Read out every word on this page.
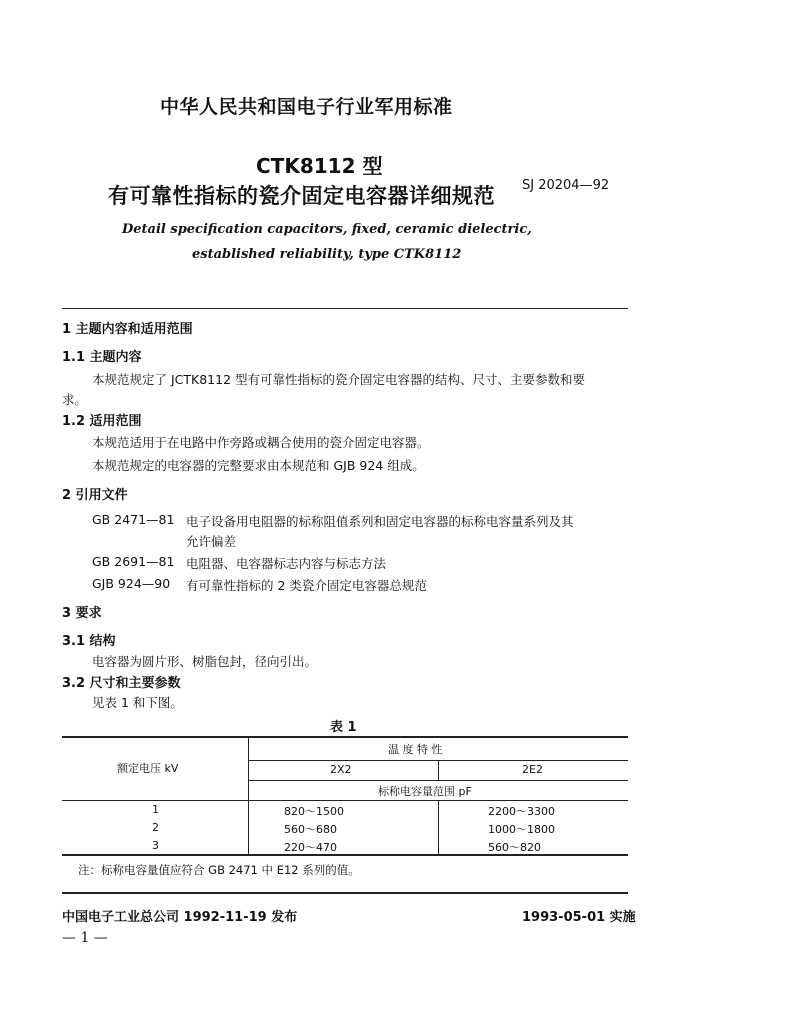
中华人民共和国电子行业军用标准
CTK8112 型
有可靠性指标的瓷介固定电容器详细规范 SJ 20204—92
Detail specification capacitors, fixed, ceramic dielectric,
established reliability, type CTK8112
1 主题内容和适用范围
1.1 主题内容
本规范规定了 JCTK8112 型有可靠性指标的瓷介固定电容器的结构、尺寸、主要参数和要
求。
1.2 适用范围
本规范适用于在电路中作旁路或耦合使用的瓷介固定电容器。
本规范规定的电容器的完整要求由本规范和 GJB 924 组成。
2 引用文件
GB 2471—81 电子设备用电阻器的标称阻值系列和固定电容器的标称电容量系列及其
允许偏差
GB 2691—81 电阻器、电容器标志内容与标志方法
GJB 924—90 有可靠性指标的 2 类瓷介固定电容器总规范
3 要求
3.1 结构
电容器为圆片形、树脂包封，径向引出。
3.2 尺寸和主要参数
见表 1 和下图。
表 1
额定电压 kV
温 度 特 性
2X2	2E2
标称电容量范围 pF
1	820～1500	2200～3300
2	560～680	1000～1800
3	220～470	560～820
注：标称电容量值应符合 GB 2471 中 E12 系列的值。
中国电子工业总公司 1992-11-19 发布	1993-05-01 实施
— 1 —
